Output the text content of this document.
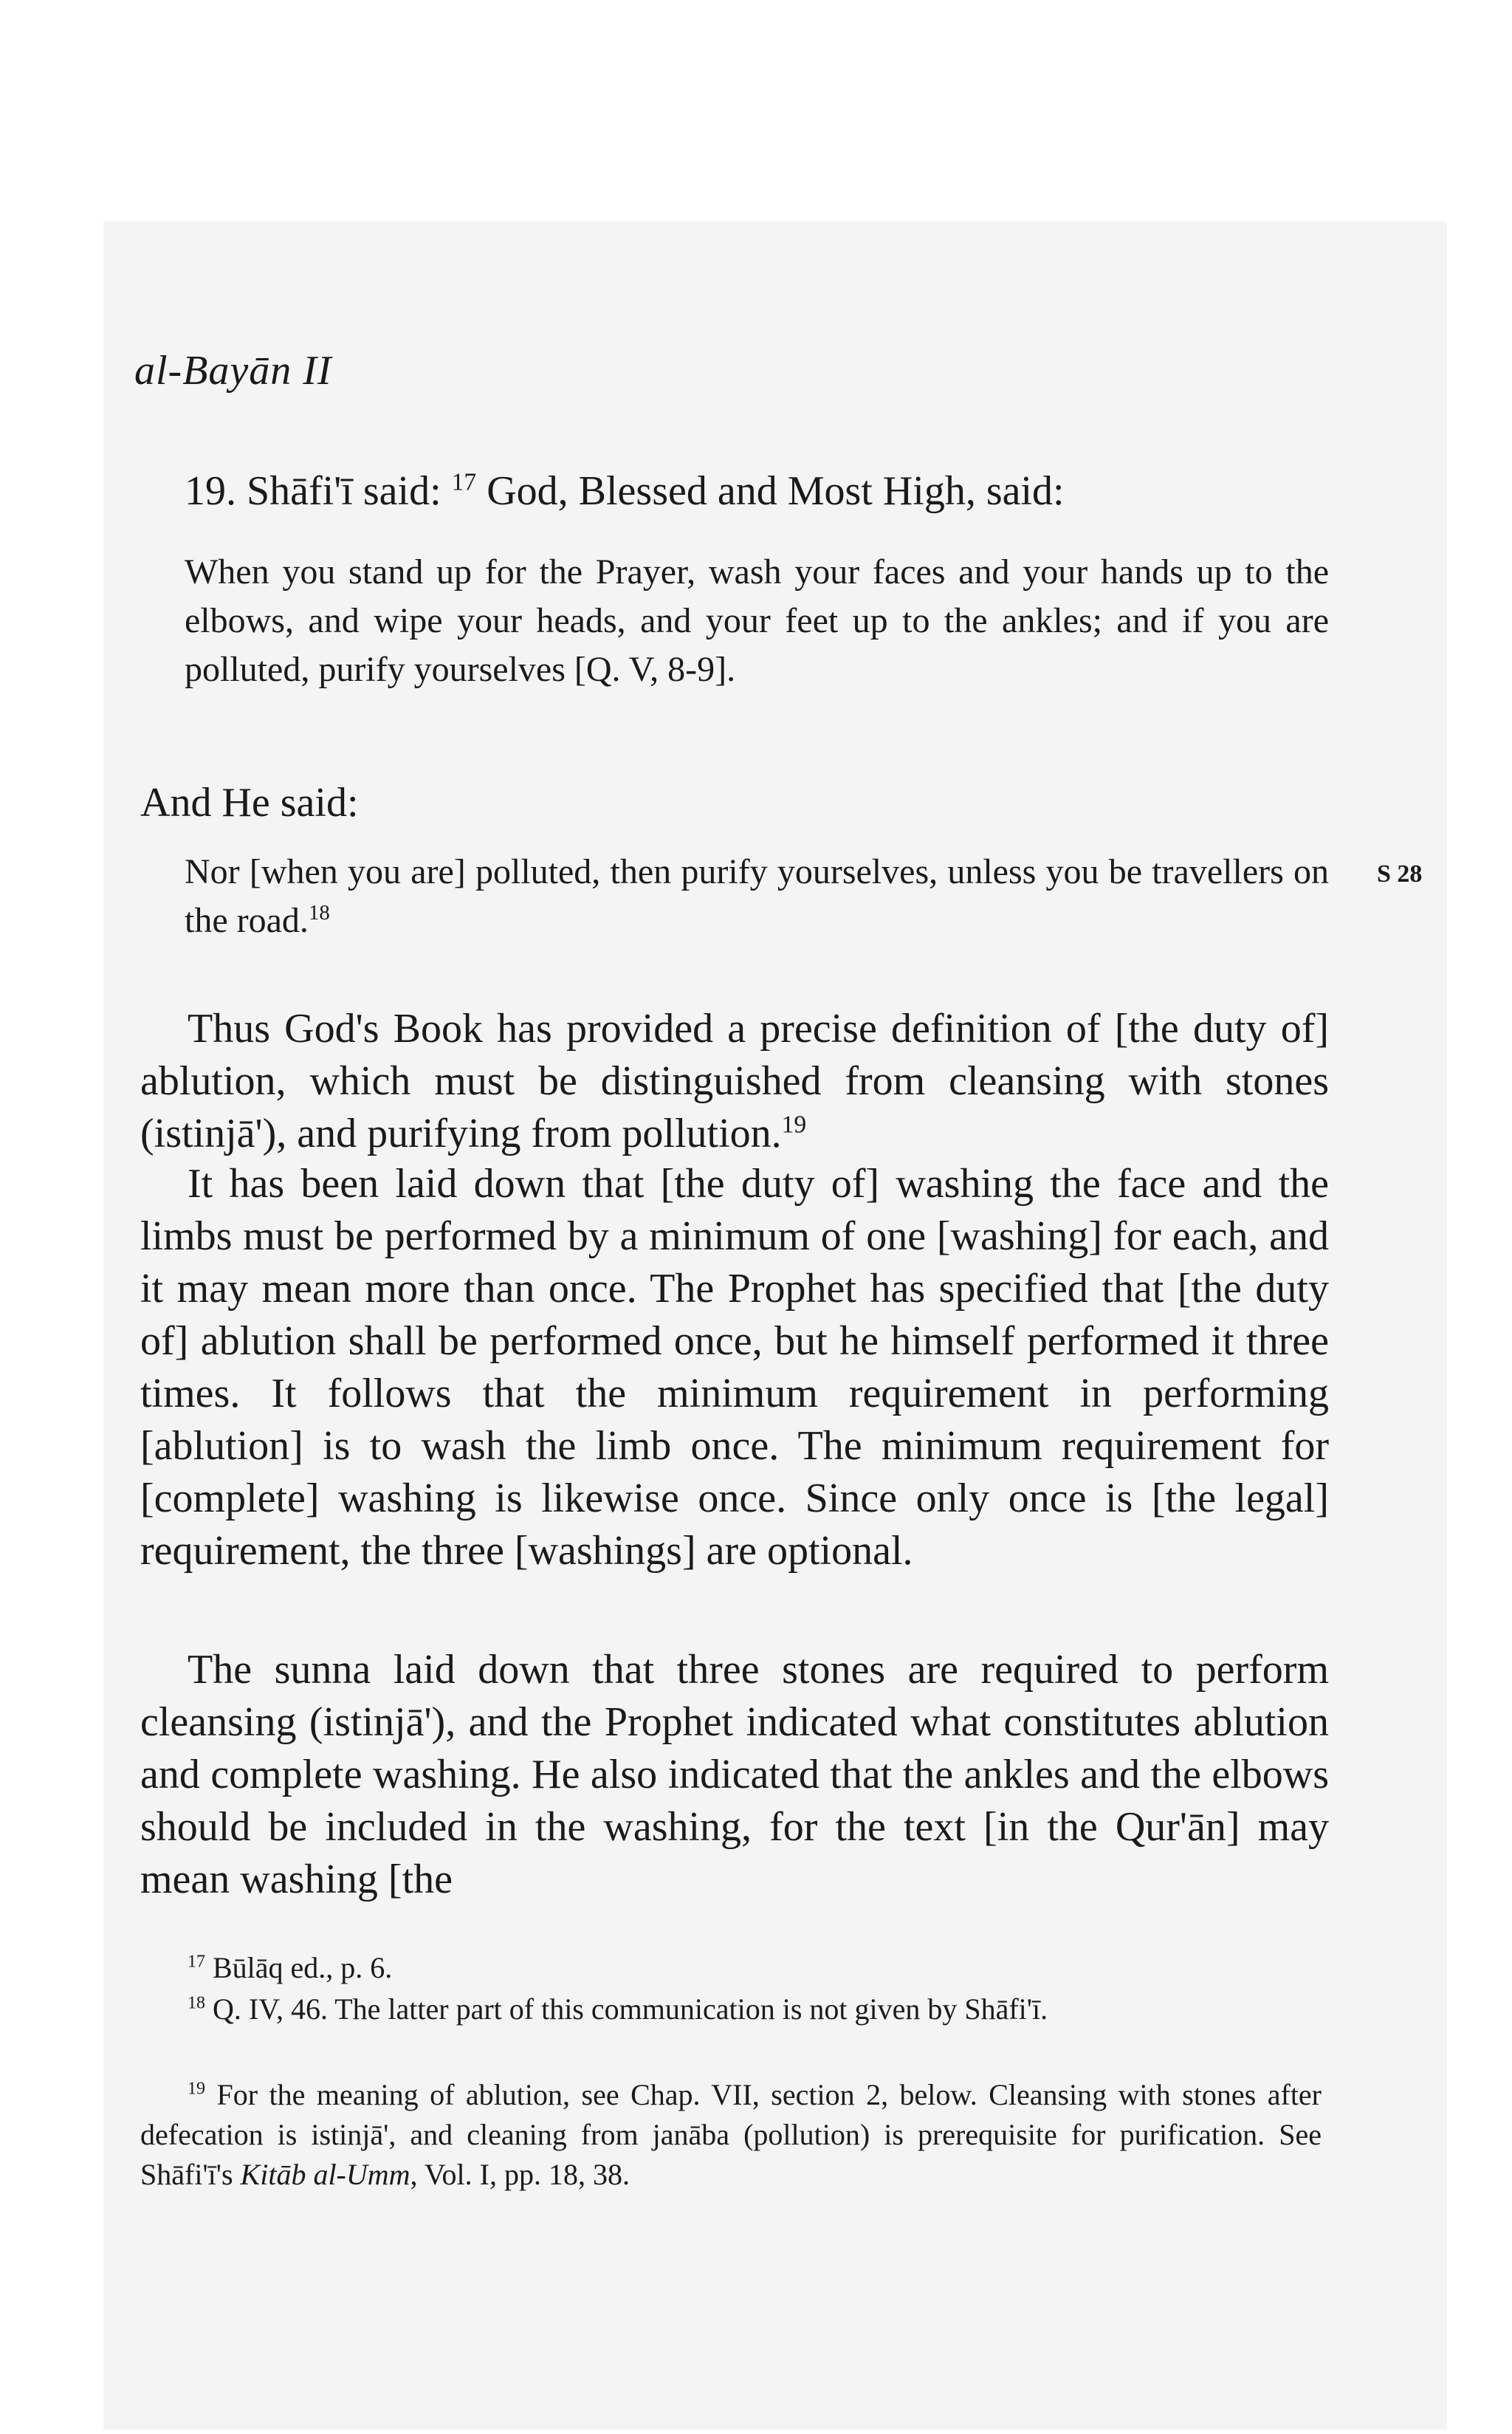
al-Bayān II

19. Shāfi'ī said: $^{17}$ God, Blessed and Most High, said:

When you stand up for the Prayer, wash your faces and your hands up to the elbows, and wipe your heads, and your feet up to the ankles; and if you are polluted, purify yourselves [Q. V, 8-9].

And He said:

Nor [when you are] polluted, then purify yourselves, unless you be travellers on the road.$^{18}$

S 28

Thus God's Book has provided a precise definition of [the duty of] ablution, which must be distinguished from cleansing with stones (istinjā'), and purifying from pollution.$^{19}$

It has been laid down that [the duty of] washing the face and the limbs must be performed by a minimum of one [washing] for each, and it may mean more than once. The Prophet has specified that [the duty of] ablution shall be performed once, but he himself performed it three times. It follows that the minimum requirement in performing [ablution] is to wash the limb once. The minimum requirement for [complete] washing is likewise once. Since only once is [the legal] requirement, the three [washings] are optional.

The sunna laid down that three stones are required to perform cleansing (istinjā'), and the Prophet indicated what constitutes ablution and complete washing. He also indicated that the ankles and the elbows should be included in the washing, for the text [in the Qur'ān] may mean washing [the

$^{17}$ Būlāq ed., p. 6.

$^{18}$ Q. IV, 46. The latter part of this communication is not given by Shāfi'ī.

$^{19}$ For the meaning of ablution, see Chap. VII, section 2, below. Cleansing with stones after defecation is istinjā', and cleaning from janāba (pollution) is prerequisite for purification. See Shāfi'ī's Kitāb al-Umm, Vol. I, pp. 18, 38.
